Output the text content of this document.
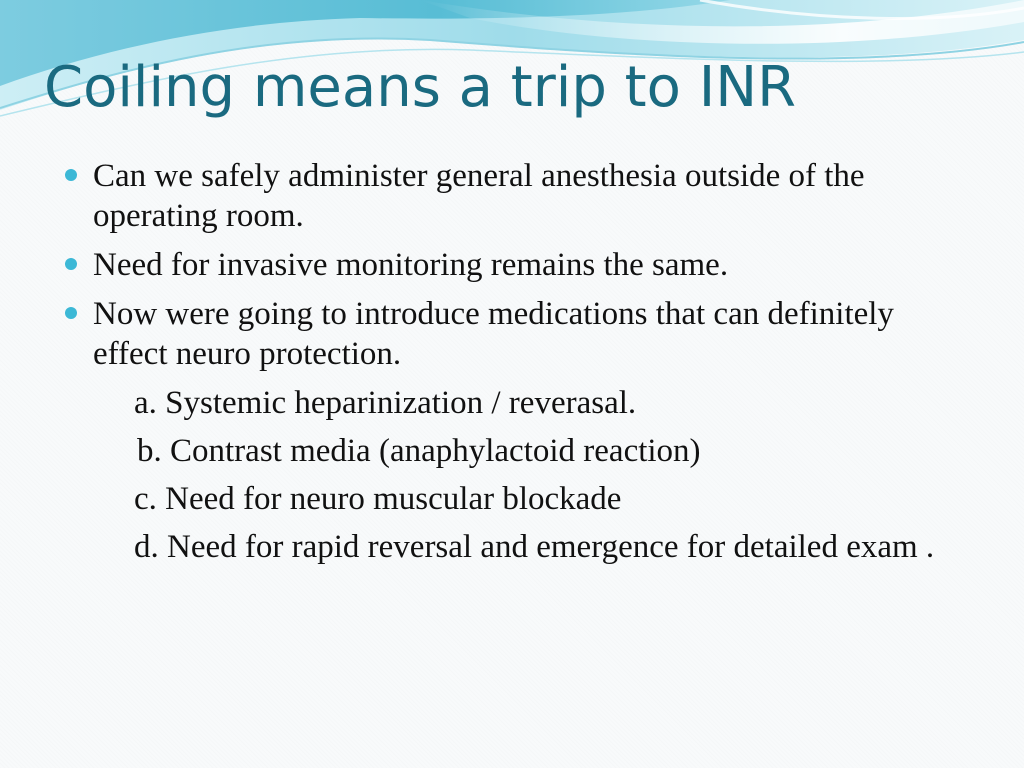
Coiling means a trip to INR
Can we safely administer general anesthesia outside of the operating room.
Need for invasive monitoring remains the same.
Now were going to introduce medications that can definitely effect neuro protection.
a. Systemic heparinization / reverasal.
b. Contrast media (anaphylactoid reaction)
c. Need for neuro muscular blockade
d. Need for rapid reversal and emergence for detailed exam .
